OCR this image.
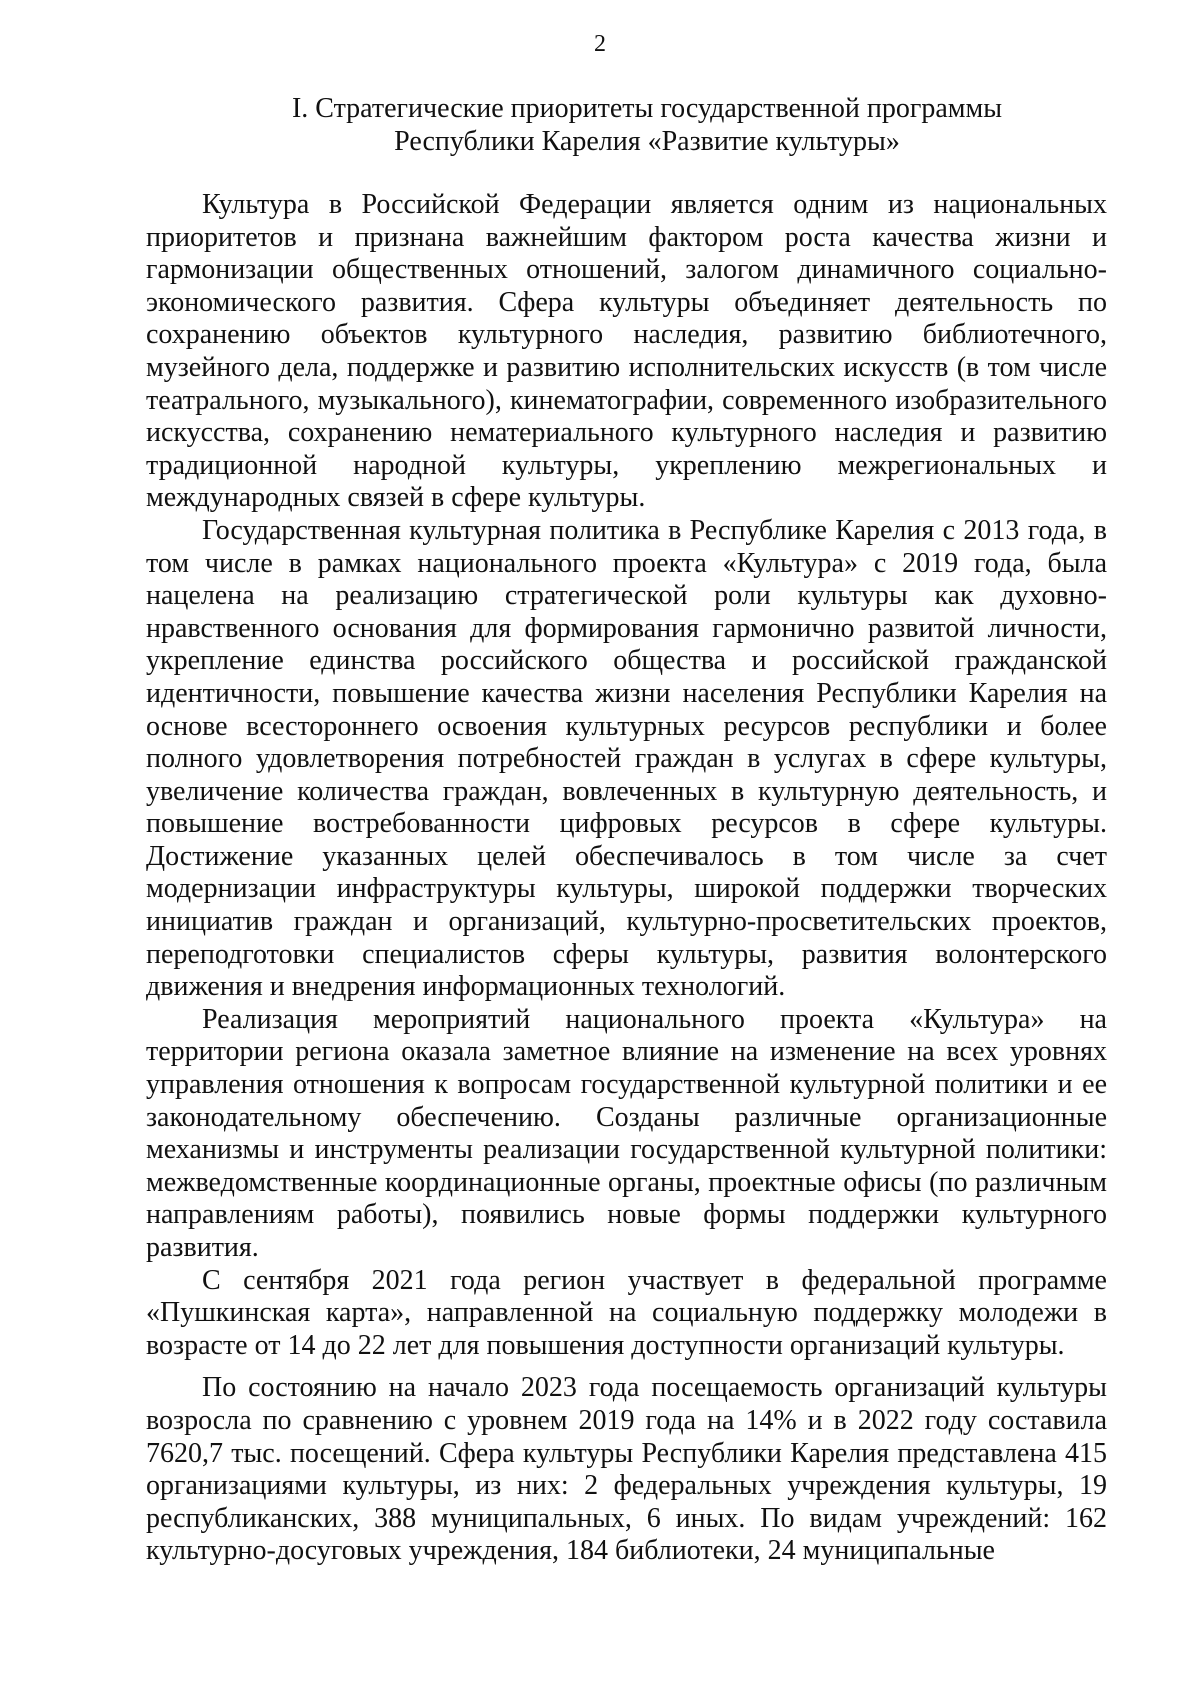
2
I. Стратегические приоритеты государственной программы
Республики Карелия «Развитие культуры»

Культура в Российской Федерации является одним из национальных приоритетов и признана важнейшим фактором роста качества жизни и гармонизации общественных отношений, залогом динамичного социально-экономического развития. Сфера культуры объединяет деятельность по сохранению объектов культурного наследия, развитию библиотечного, музейного дела, поддержке и развитию исполнительских искусств (в том числе театрального, музыкального), кинематографии, современного изобразительного искусства, сохранению нематериального культурного наследия и развитию традиционной народной культуры, укреплению межрегиональных и международных связей в сфере культуры.

Государственная культурная политика в Республике Карелия с 2013 года, в том числе в рамках национального проекта «Культура» с 2019 года, была нацелена на реализацию стратегической роли культуры как духовно-нравственного основания для формирования гармонично развитой личности, укрепление единства российского общества и российской гражданской идентичности, повышение качества жизни населения Республики Карелия на основе всестороннего освоения культурных ресурсов республики и более полного удовлетворения потребностей граждан в услугах в сфере культуры, увеличение количества граждан, вовлеченных в культурную деятельность, и повышение востребованности цифровых ресурсов в сфере культуры. Достижение указанных целей обеспечивалось в том числе за счет модернизации инфраструктуры культуры, широкой поддержки творческих инициатив граждан и организаций, культурно-просветительских проектов, переподготовки специалистов сферы культуры, развития волонтерского движения и внедрения информационных технологий.

Реализация мероприятий национального проекта «Культура» на территории региона оказала заметное влияние на изменение на всех уровнях управления отношения к вопросам государственной культурной политики и ее законодательному обеспечению. Созданы различные организационные механизмы и инструменты реализации государственной культурной политики: межведомственные координационные органы, проектные офисы (по различным направлениям работы), появились новые формы поддержки культурного развития.

С сентября 2021 года регион участвует в федеральной программе «Пушкинская карта», направленной на социальную поддержку молодежи в возрасте от 14 до 22 лет для повышения доступности организаций культуры.

По состоянию на начало 2023 года посещаемость организаций культуры возросла по сравнению с уровнем 2019 года на 14% и в 2022 году составила 7620,7 тыс. посещений. Сфера культуры Республики Карелия представлена 415 организациями культуры, из них: 2 федеральных учреждения культуры, 19 республиканских, 388 муниципальных, 6 иных. По видам учреждений: 162 культурно-досуговых учреждения, 184 библиотеки, 24 муниципальные
